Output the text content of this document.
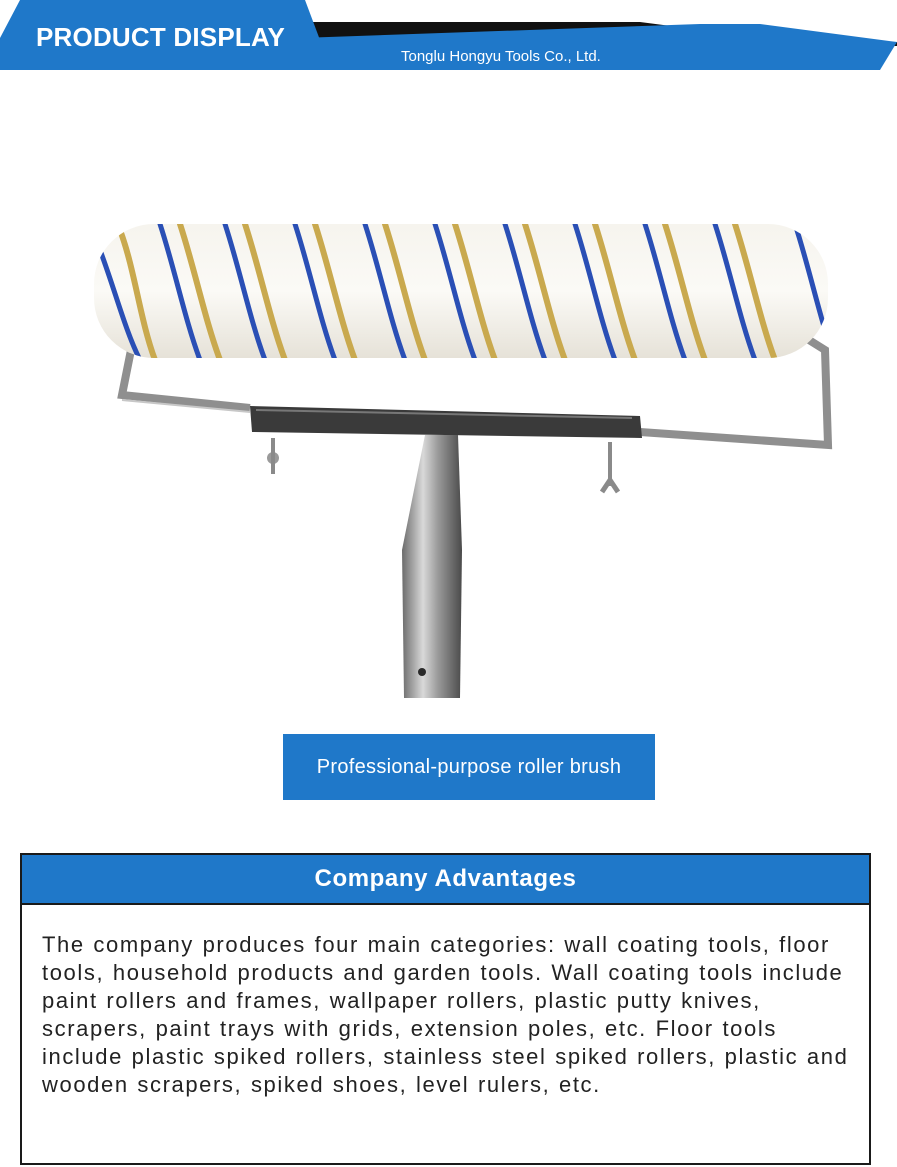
PRODUCT DISPLAY
Tonglu Hongyu Tools Co., Ltd.
Professional-purpose roller brush
Company Advantages
The company produces four main categories: wall coating tools, floor tools, household products and garden tools. Wall coating tools include paint rollers and frames, wallpaper rollers, plastic putty knives, scrapers, paint trays with grids, extension poles, etc. Floor tools include plastic spiked rollers, stainless steel spiked rollers, plastic and wooden scrapers, spiked shoes, level rulers, etc.
